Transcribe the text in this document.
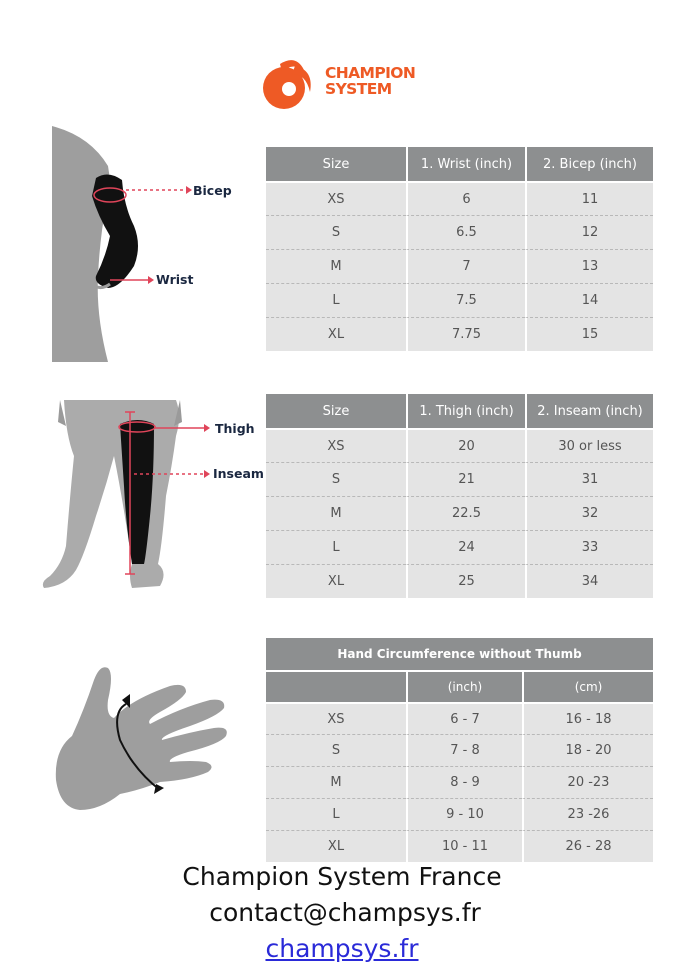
CHAMPION
SYSTEM
Bicep
Wrist
Size	1. Wrist (inch)	2. Bicep (inch)
XS	6	11
S	6.5	12
M	7	13
L	7.5	14
XL	7.75	15
Thigh
Inseam
Size	1. Thigh (inch)	2. Inseam (inch)
XS	20	30 or less
S	21	31
M	22.5	32
L	24	33
XL	25	34
Hand Circumference without Thumb		
	(inch)	(cm)
XS	6 - 7	16 - 18
S	7 - 8	18 - 20
M	8 - 9	20 -23
L	9 - 10	23 -26
XL	10 - 11	26 - 28
Champion System France
contact@champsys.fr
champsys.fr
